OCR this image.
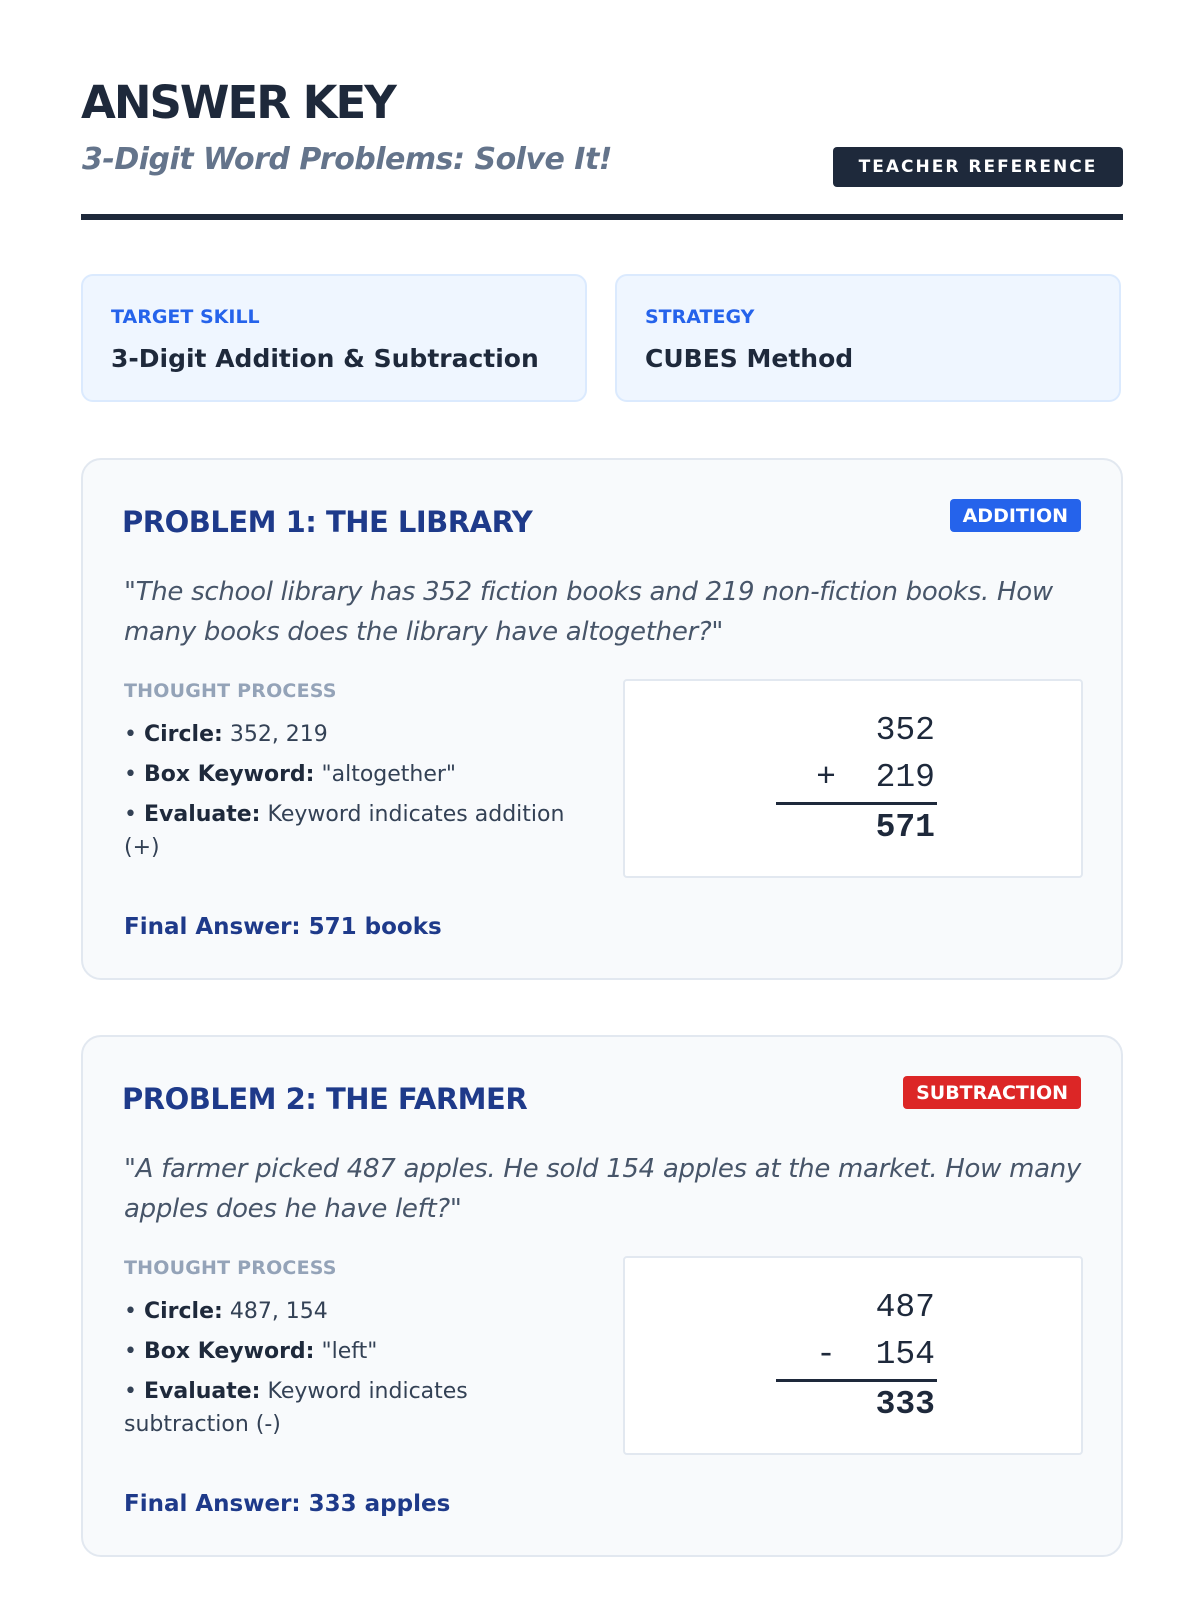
ANSWER KEY
3-Digit Word Problems: Solve It!	TEACHER REFERENCE
TARGET SKILL
3-Digit Addition & Subtraction
STRATEGY
CUBES Method
PROBLEM 1: THE LIBRARY	ADDITION

"The school library has 352 fiction books and 219 non-fiction books. How many books does the library have altogether?"

THOUGHT PROCESS
• Circle: 352, 219
• Box Keyword: "altogether"
• Evaluate: Keyword indicates addition (+)
Final Answer: 571 books
352
+ 219
571
PROBLEM 2: THE FARMER	SUBTRACTION

"A farmer picked 487 apples. He sold 154 apples at the market. How many apples does he have left?"

THOUGHT PROCESS
• Circle: 487, 154
• Box Keyword: "left"
• Evaluate: Keyword indicates subtraction (-)
Final Answer: 333 apples
487
- 154
333
